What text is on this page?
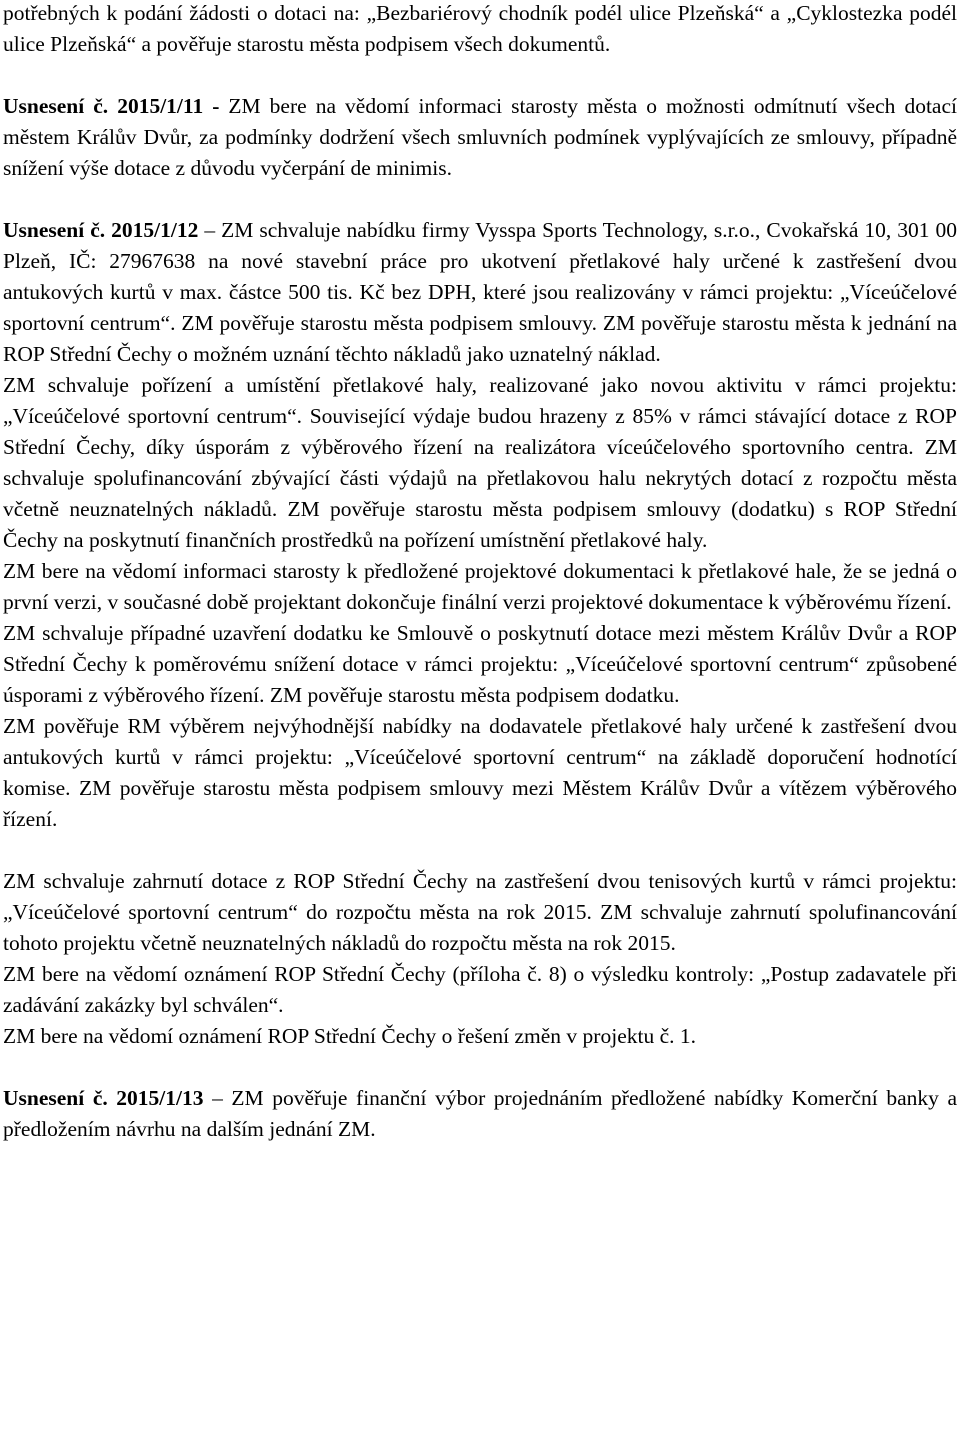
potřebných k podání žádosti o dotaci na: „Bezbariérový chodník podél ulice Plzeňská“ a „Cyklostezka podél ulice Plzeňská“ a pověřuje starostu města podpisem všech dokumentů.

Usnesení č. 2015/1/11 - ZM bere na vědomí informaci starosty města o možnosti odmítnutí všech dotací městem Králův Dvůr, za podmínky dodržení všech smluvních podmínek vyplývajících ze smlouvy, případně snížení výše dotace z důvodu vyčerpání de minimis.

Usnesení č. 2015/1/12 – ZM schvaluje nabídku firmy Vysspa Sports Technology, s.r.o., Cvokařská 10, 301 00 Plzeň, IČ: 27967638 na nové stavební práce pro ukotvení přetlakové haly určené k zastřešení dvou antukových kurtů v max. částce 500 tis. Kč bez DPH, které jsou realizovány v rámci projektu: „Víceúčelové sportovní centrum“. ZM pověřuje starostu města podpisem smlouvy. ZM pověřuje starostu města k jednání na ROP Střední Čechy o možném uznání těchto nákladů jako uznatelný náklad.

ZM schvaluje pořízení a umístění přetlakové haly, realizované jako novou aktivitu v rámci projektu: „Víceúčelové sportovní centrum“. Související výdaje budou hrazeny z 85% v rámci stávající dotace z ROP Střední Čechy, díky úsporám z výběrového řízení na realizátora víceúčelového sportovního centra. ZM schvaluje spolufinancování zbývající části výdajů na přetlakovou halu nekrytých dotací z rozpočtu města včetně neuznatelných nákladů. ZM pověřuje starostu města podpisem smlouvy (dodatku) s ROP Střední Čechy na poskytnutí finančních prostředků na pořízení umístnění přetlakové haly.

ZM bere na vědomí informaci starosty k předložené projektové dokumentaci k přetlakové hale, že se jedná o první verzi, v současné době projektant dokončuje finální verzi projektové dokumentace k výběrovému řízení.

ZM schvaluje případné uzavření dodatku ke Smlouvě o poskytnutí dotace mezi městem Králův Dvůr a ROP Střední Čechy k poměrovému snížení dotace v rámci projektu: „Víceúčelové sportovní centrum“ způsobené úsporami z výběrového řízení. ZM pověřuje starostu města podpisem dodatku.

ZM pověřuje RM výběrem nejvýhodnější nabídky na dodavatele přetlakové haly určené k zastřešení dvou antukových kurtů v rámci projektu: „Víceúčelové sportovní centrum“ na základě doporučení hodnotící komise. ZM pověřuje starostu města podpisem smlouvy mezi Městem Králův Dvůr a vítězem výběrového řízení.

ZM schvaluje zahrnutí dotace z ROP Střední Čechy na zastřešení dvou tenisových kurtů v rámci projektu: „Víceúčelové sportovní centrum“ do rozpočtu města na rok 2015. ZM schvaluje zahrnutí spolufinancování tohoto projektu včetně neuznatelných nákladů do rozpočtu města na rok 2015.

ZM bere na vědomí oznámení ROP Střední Čechy (příloha č. 8) o výsledku kontroly: „Postup zadavatele při zadávání zakázky byl schválen“.

ZM bere na vědomí oznámení ROP Střední Čechy o řešení změn v projektu č. 1.

Usnesení č. 2015/1/13 – ZM pověřuje finanční výbor projednáním předložené nabídky Komerční banky a předložením návrhu na dalším jednání ZM.
